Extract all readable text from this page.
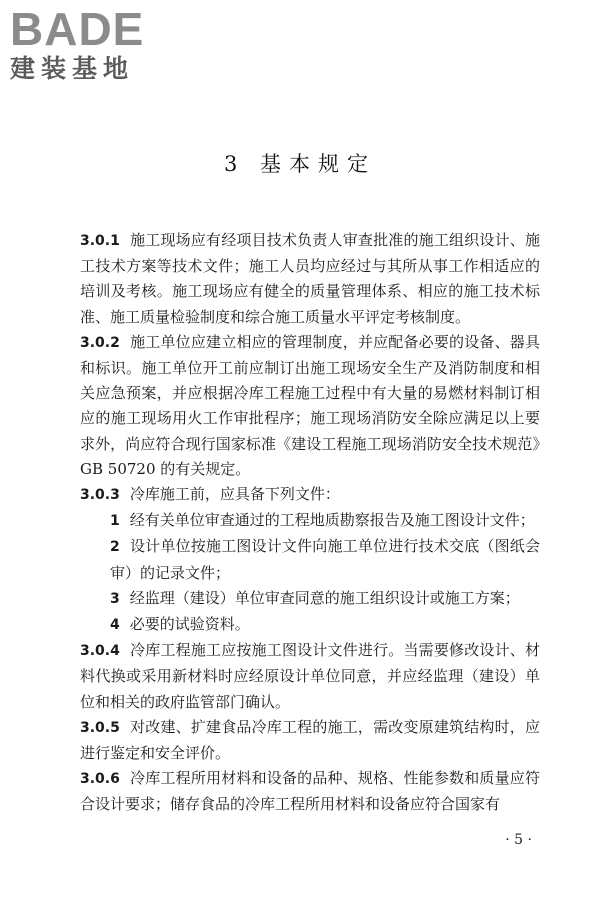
BADE
建装基地
3 基本规定

3.0.1 施工现场应有经项目技术负责人审查批准的施工组织设计、施工技术方案等技术文件；施工人员均应经过与其所从事工作相适应的培训及考核。施工现场应有健全的质量管理体系、相应的施工技术标准、施工质量检验制度和综合施工质量水平评定考核制度。

3.0.2 施工单位应建立相应的管理制度，并应配备必要的设备、器具和标识。施工单位开工前应制订出施工现场安全生产及消防制度和相关应急预案，并应根据冷库工程施工过程中有大量的易燃材料制订相应的施工现场用火工作审批程序；施工现场消防安全除应满足以上要求外，尚应符合现行国家标准《建设工程施工现场消防安全技术规范》GB 50720 的有关规定。

3.0.3 冷库施工前，应具备下列文件：

1 经有关单位审查通过的工程地质勘察报告及施工图设计文件；

2 设计单位按施工图设计文件向施工单位进行技术交底（图纸会审）的记录文件；

3 经监理（建设）单位审查同意的施工组织设计或施工方案；

4 必要的试验资料。

3.0.4 冷库工程施工应按施工图设计文件进行。当需要修改设计、材料代换或采用新材料时应经原设计单位同意，并应经监理（建设）单位和相关的政府监管部门确认。

3.0.5 对改建、扩建食品冷库工程的施工，需改变原建筑结构时，应进行鉴定和安全评价。

3.0.6 冷库工程所用材料和设备的品种、规格、性能参数和质量应符合设计要求；储存食品的冷库工程所用材料和设备应符合国家有

· 5 ·
